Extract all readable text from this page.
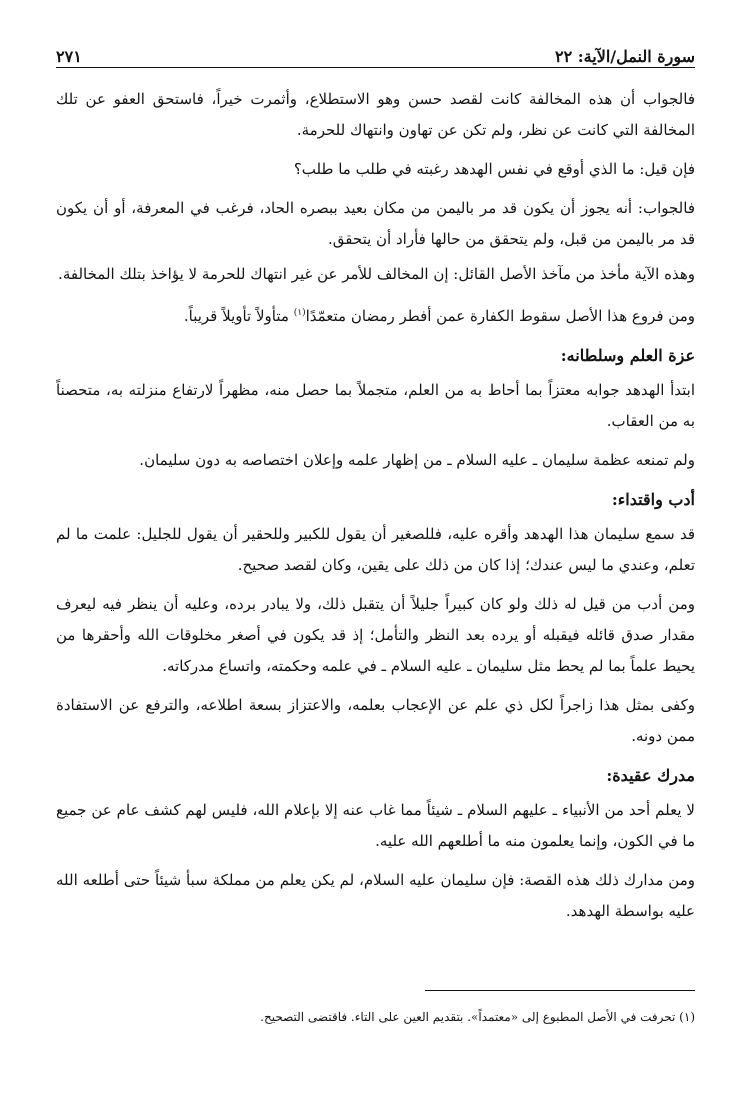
سورة النمل/الآية: ٢٢
٢٧١

فالجواب أن هذه المخالفة كانت لقصد حسن وهو الاستطلاع، وأثمرت خيراً، فاستحق العفو عن تلك المخالفة التي كانت عن نظر، ولم تكن عن تهاون وانتهاك للحرمة.

فإن قيل: ما الذي أوقع في نفس الهدهد رغبته في طلب ما طلب؟

فالجواب: أنه يجوز أن يكون قد مر باليمن من مكان بعيد ببصره الحاد، فرغب في المعرفة، أو أن يكون قد مر باليمن من قبل، ولم يتحقق من حالها فأراد أن يتحقق.

وهذه الآية مأخذ من مآخذ الأصل القائل: إن المخالف للأمر عن غير انتهاك للحرمة لا يؤاخذ بتلك المخالفة.

ومن فروع هذا الأصل سقوط الكفارة عمن أفطر رمضان متعمّدًا$^{(١)}$ متأولاً تأويلاً قريباً.

عزة العلم وسلطانه:

ابتدأ الهدهد جوابه معتزاً بما أحاط به من العلم، متجملاً بما حصل منه، مظهراً لارتفاع منزلته به، متحصناً به من العقاب.

ولم تمنعه عظمة سليمان ـ عليه السلام ـ من إظهار علمه وإعلان اختصاصه به دون سليمان.

أدب واقتداء:

قد سمع سليمان هذا الهدهد وأقره عليه، فللصغير أن يقول للكبير وللحقير أن يقول للجليل: علمت ما لم تعلم، وعندي ما ليس عندك؛ إذا كان من ذلك على يقين، وكان لقصد صحيح.

ومن أدب من قيل له ذلك ولو كان كبيراً جليلاً أن يتقبل ذلك، ولا يبادر برده، وعليه أن ينظر فيه ليعرف مقدار صدق قائله فيقبله أو يرده بعد النظر والتأمل؛ إذ قد يكون في أصغر مخلوقات الله وأحقرها من يحيط علماً بما لم يحط مثل سليمان ـ عليه السلام ـ في علمه وحكمته، واتساع مدركاته.

وكفى بمثل هذا زاجراً لكل ذي علم عن الإعجاب بعلمه، والاعتزاز بسعة اطلاعه، والترفع عن الاستفادة ممن دونه.

مدرك عقيدة:

لا يعلم أحد من الأنبياء ـ عليهم السلام ـ شيئاً مما غاب عنه إلا بإعلام الله، فليس لهم كشف عام عن جميع ما في الكون، وإنما يعلمون منه ما أطلعهم الله عليه.

ومن مدارك ذلك هذه القصة: فإن سليمان عليه السلام، لم يكن يعلم من مملكة سبأ شيئاً حتى أطلعه الله عليه بواسطة الهدهد.

(١) تحرفت في الأصل المطبوع إلى «معتمداً». بتقديم العين على التاء. فاقتضى التصحيح.
